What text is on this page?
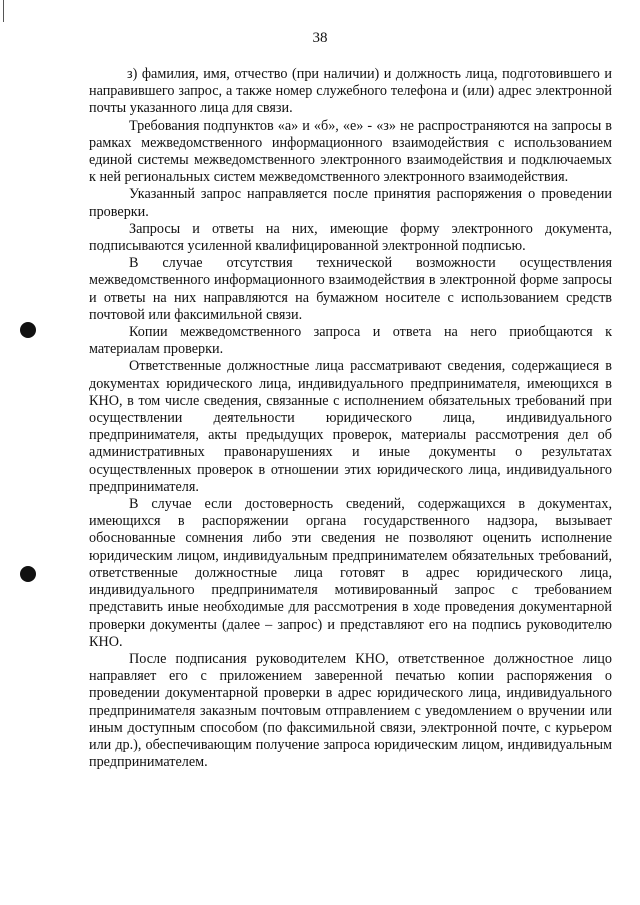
38

з) фамилия, имя, отчество (при наличии) и должность лица, подготовившего и направившего запрос, а также номер служебного телефона и (или) адрес электронной почты указанного лица для связи.

Требования подпунктов «а» и «б», «е» - «з» не распространяются на запросы в рамках межведомственного информационного взаимодействия с использованием единой системы межведомственного электронного взаимодействия и подключаемых к ней региональных систем межведомственного электронного взаимодействия.

Указанный запрос направляется после принятия распоряжения о проведении проверки.

Запросы и ответы на них, имеющие форму электронного документа, подписываются усиленной квалифицированной электронной подписью.

В случае отсутствия технической возможности осуществления межведомственного информационного взаимодействия в электронной форме запросы и ответы на них направляются на бумажном носителе с использованием средств почтовой или факсимильной связи.

Копии межведомственного запроса и ответа на него приобщаются к материалам проверки.

Ответственные должностные лица рассматривают сведения, содержащиеся в документах юридического лица, индивидуального предпринимателя, имеющихся в КНО, в том числе сведения, связанные с исполнением обязательных требований при осуществлении деятельности юридического лица, индивидуального предпринимателя, акты предыдущих проверок, материалы рассмотрения дел об административных правонарушениях и иные документы о результатах осуществленных проверок в отношении этих юридического лица, индивидуального предпринимателя.

В случае если достоверность сведений, содержащихся в документах, имеющихся в распоряжении органа государственного надзора, вызывает обоснованные сомнения либо эти сведения не позволяют оценить исполнение юридическим лицом, индивидуальным предпринимателем обязательных требований, ответственные должностные лица готовят в адрес юридического лица, индивидуального предпринимателя мотивированный запрос с требованием представить иные необходимые для рассмотрения в ходе проведения документарной проверки документы (далее – запрос) и представляют его на подпись руководителю КНО.

После подписания руководителем КНО, ответственное должностное лицо направляет его с приложением заверенной печатью копии распоряжения о проведении документарной проверки в адрес юридического лица, индивидуального предпринимателя заказным почтовым отправлением с уведомлением о вручении или иным доступным способом (по факсимильной связи, электронной почте, с курьером или др.), обеспечивающим получение запроса юридическим лицом, индивидуальным предпринимателем.
